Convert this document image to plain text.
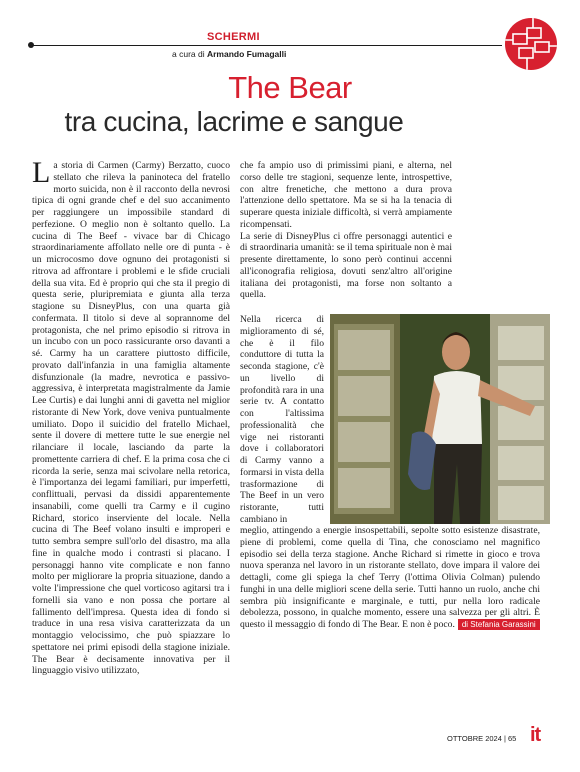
SCHERMI
a cura di Armando Fumagalli
The Bear
tra cucina, lacrime e sangue
L a storia di Carmen (Carmy) Berzatto, cuoco stellato che rileva la paninoteca del fratello morto suicida, non è il racconto della nevrosi tipica di ogni grande chef e del suo accanimento per raggiungere un impossibile standard di perfezione. O meglio non è soltanto quello. La cucina di The Beef - vivace bar di Chicago straordinariamente affollato nelle ore di punta - è un microcosmo dove ognuno dei protagonisti si ritrova ad affrontare i problemi e le sfide cruciali della sua vita. Ed è proprio qui che sta il pregio di questa serie, pluripremiata e giunta alla terza stagione su DisneyPlus, con una quarta già confermata. Il titolo si deve al soprannome del protagonista, che nel primo episodio si ritrova in un incubo con un poco rassicurante orso davanti a sé. Carmy ha un carattere piuttosto difficile, provato dall'infanzia in una famiglia altamente disfunzionale (la madre, nevrotica e passivo-aggressiva, è interpretata magistralmente da Jamie Lee Curtis) e dai lunghi anni di gavetta nel miglior ristorante di New York, dove veniva puntualmente umiliato. Dopo il suicidio del fratello Michael, sente il dovere di mettere tutte le sue energie nel rilanciare il locale, lasciando da parte la promettente carriera di chef. E la prima cosa che ci ricorda la serie, senza mai scivolare nella retorica, è l'importanza dei legami familiari, pur imperfetti, conflittuali, pervasi da dissidi apparentemente insanabili, come quelli tra Carmy e il cugino Richard, storico inserviente del locale. Nella cucina di The Beef volano insulti e improperi e tutto sembra sempre sull'orlo del disastro, ma alla fine in qualche modo i contrasti si placano. I personaggi hanno vite complicate e non fanno molto per migliorare la propria situazione, dando a volte l'impressione che quel vorticoso agitarsi tra i fornelli sia vano e non possa che portare al fallimento dell'impresa. Questa idea di fondo si traduce in una resa visiva caratterizzata da un montaggio velocissimo, che può spiazzare lo spettatore nei primi episodi della stagione iniziale. The Bear è decisamente innovativa per il linguaggio visivo utilizzato,

che fa ampio uso di primissimi piani, e alterna, nel corso delle tre stagioni, sequenze lente, introspettive, con altre frenetiche, che mettono a dura prova l'attenzione dello spettatore. Ma se si ha la tenacia di superare questa iniziale difficoltà, si verrà ampiamente ricompensati.

La serie di DisneyPlus ci offre personaggi autentici e di straordinaria umanità: se il tema spirituale non è mai presente direttamente, lo sono però continui accenni all'iconografia religiosa, dovuti senz'altro all'origine italiana dei protagonisti, ma forse non soltanto a quella.

Nella ricerca di miglioramento di sé, che è il filo conduttore di tutta la seconda stagione, c'è un livello di profondità rara in una serie tv. A contatto con l'altissima professionalità che vige nei ristoranti dove i collaboratori di Carmy vanno a formarsi in vista della trasformazione di The Beef in un vero ristorante, tutti cambiano in

meglio, attingendo a energie insospettabili, sepolte sotto esistenze disastrate, piene di problemi, come quella di Tina, che conosciamo nel magnifico episodio sei della terza stagione. Anche Richard si rimette in gioco e trova nuova speranza nel lavoro in un ristorante stellato, dove impara il valore dei dettagli, come gli spiega la chef Terry (l'ottima Olivia Colman) pulendo funghi in una delle migliori scene della serie. Tutti hanno un ruolo, anche chi sembra più insignificante e marginale, e tutti, pur nella loro radicale debolezza, possono, in qualche momento, essere una salvezza per gli altri. È questo il messaggio di fondo di The Bear. E non è poco. di Stefania Garassini

OTTOBRE 2024 | 65 it
